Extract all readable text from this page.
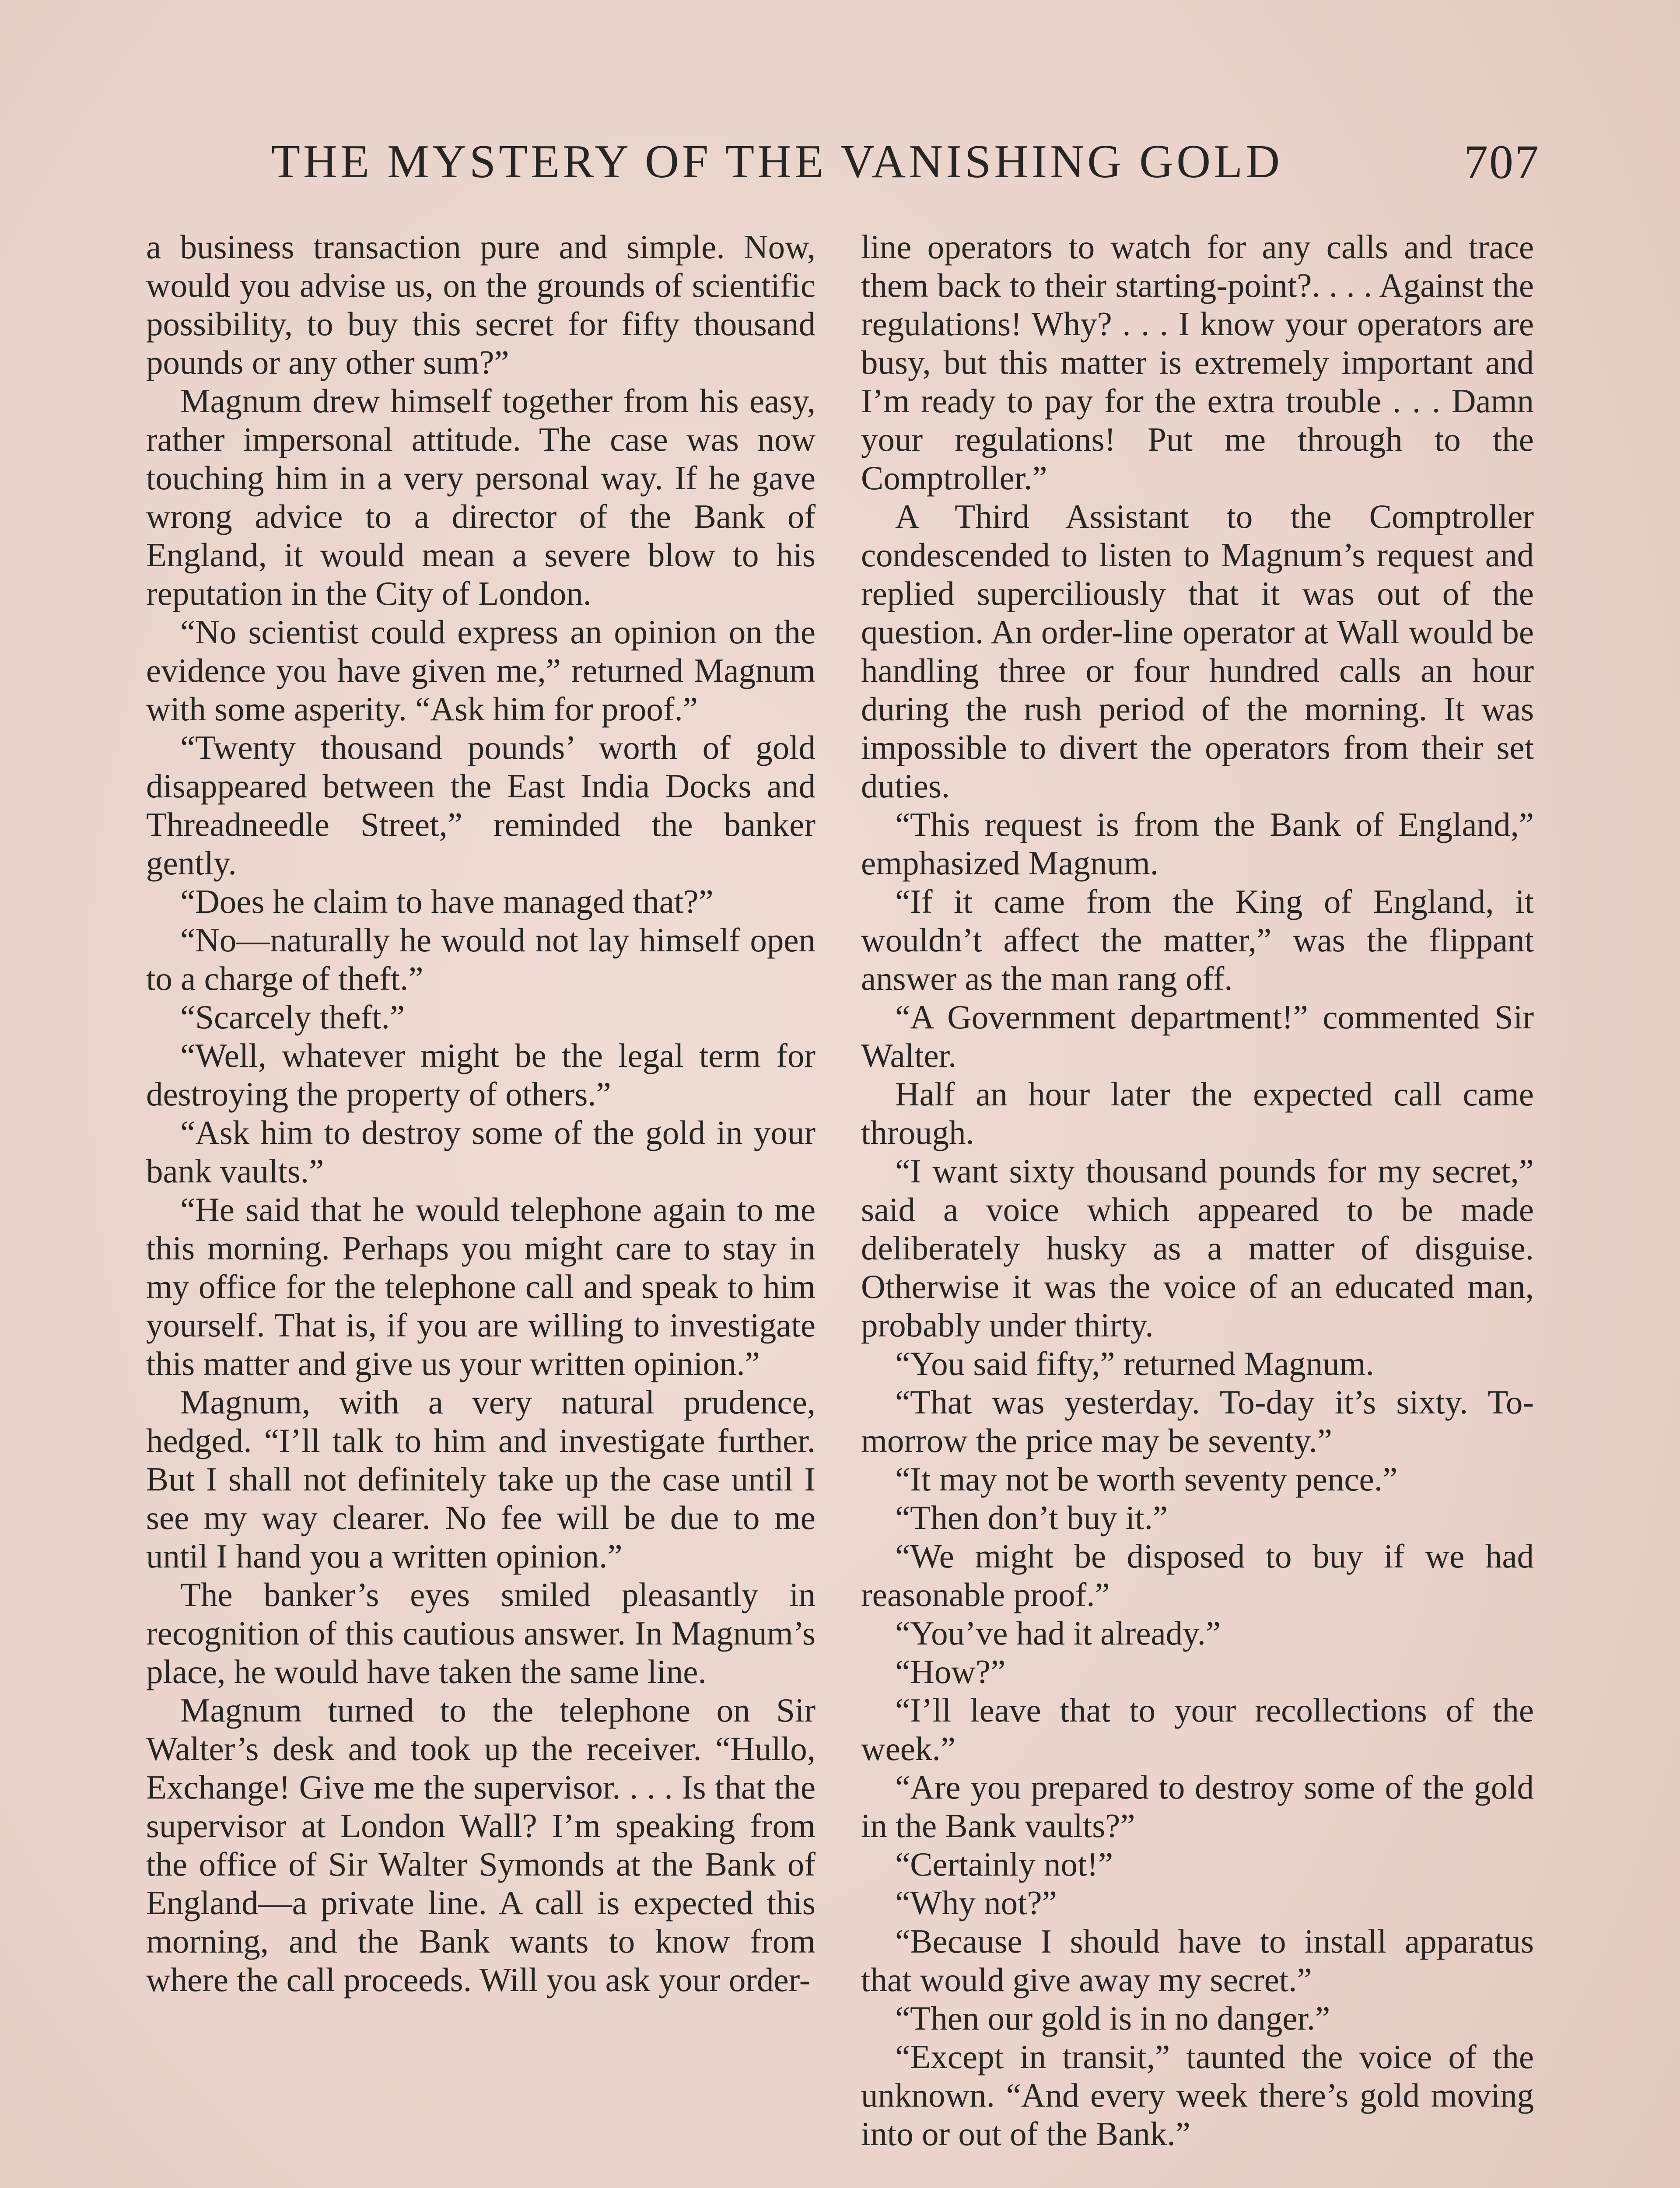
THE MYSTERY OF THE VANISHING GOLD	707

a business transaction pure and simple. Now, would you advise us, on the grounds of scientific possibility, to buy this secret for fifty thousand pounds or any other sum?”

Magnum drew himself together from his easy, rather impersonal attitude. The case was now touching him in a very personal way. If he gave wrong advice to a director of the Bank of England, it would mean a severe blow to his reputation in the City of London.

“No scientist could express an opinion on the evidence you have given me,” returned Magnum with some asperity. “Ask him for proof.”

“Twenty thousand pounds’ worth of gold disappeared between the East India Docks and Threadneedle Street,” reminded the banker gently.

“Does he claim to have managed that?”

“No—naturally he would not lay himself open to a charge of theft.”

“Scarcely theft.”

“Well, whatever might be the legal term for destroying the property of others.”

“Ask him to destroy some of the gold in your bank vaults.”

“He said that he would telephone again to me this morning. Perhaps you might care to stay in my office for the telephone call and speak to him yourself. That is, if you are willing to investigate this matter and give us your written opinion.”

Magnum, with a very natural prudence, hedged. “I’ll talk to him and investigate further. But I shall not definitely take up the case until I see my way clearer. No fee will be due to me until I hand you a written opinion.”

The banker’s eyes smiled pleasantly in recognition of this cautious answer. In Magnum’s place, he would have taken the same line.

Magnum turned to the telephone on Sir Walter’s desk and took up the receiver. “Hullo, Exchange! Give me the supervisor. . . . Is that the supervisor at London Wall? I’m speaking from the office of Sir Walter Symonds at the Bank of England—a private line. A call is expected this morning, and the Bank wants to know from where the call proceeds. Will you ask your order-

line operators to watch for any calls and trace them back to their starting-point?. . . . Against the regulations! Why? . . . I know your operators are busy, but this matter is extremely important and I’m ready to pay for the extra trouble . . . Damn your regulations! Put me through to the Comptroller.”

A Third Assistant to the Comptroller condescended to listen to Magnum’s request and replied superciliously that it was out of the question. An order-line operator at Wall would be handling three or four hundred calls an hour during the rush period of the morning. It was impossible to divert the operators from their set duties.

“This request is from the Bank of England,” emphasized Magnum.

“If it came from the King of England, it wouldn’t affect the matter,” was the flippant answer as the man rang off.

“A Government department!” commented Sir Walter.

Half an hour later the expected call came through.

“I want sixty thousand pounds for my secret,” said a voice which appeared to be made deliberately husky as a matter of disguise. Otherwise it was the voice of an educated man, probably under thirty.

“You said fifty,” returned Magnum.

“That was yesterday. To-day it’s sixty. To-morrow the price may be seventy.”

“It may not be worth seventy pence.”

“Then don’t buy it.”

“We might be disposed to buy if we had reasonable proof.”

“You’ve had it already.”

“How?”

“I’ll leave that to your recollections of the week.”

“Are you prepared to destroy some of the gold in the Bank vaults?”

“Certainly not!”

“Why not?”

“Because I should have to install apparatus that would give away my secret.”

“Then our gold is in no danger.”

“Except in transit,” taunted the voice of the unknown. “And every week there’s gold moving into or out of the Bank.”
